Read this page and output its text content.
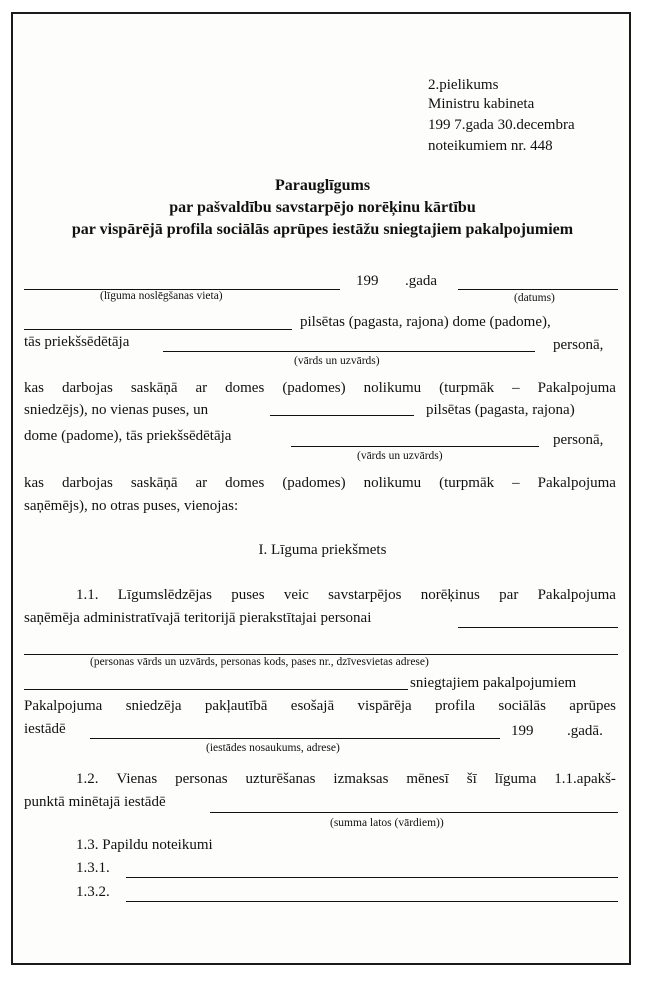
2.pielikums
Ministru kabineta
199 7.gada 30.decembra
noteikumiem nr. 448
Parauglīgums
par pašvaldību savstarpējo norēķinu kārtību
par vispārējā profila sociālās aprūpes iestāžu sniegtajiem pakalpojumiem
199 .gada
(līguma noslēgšanas vieta)	(datums)
pilsētas (pagasta, rajona) dome (padome),
tās priekšsēdētāja	personā,
(vārds un uzvārds)
kas darbojas saskāņā ar domes (padomes) nolikumu (turpmāk – Pakalpojuma
sniedzējs), no vienas puses, un	pilsētas (pagasta, rajona)
dome (padome), tās priekšsēdētāja	personā,
(vārds un uzvārds)
kas darbojas saskāņā ar domes (padomes) nolikumu (turpmāk – Pakalpojuma
saņēmējs), no otras puses, vienojas:
I. Līguma priekšmets
1.1. Līgumslēdzējas puses veic savstarpējos norēķinus par Pakalpojuma
saņēmēja administratīvajā teritorijā pierakstītajai personai
(personas vārds un uzvārds, personas kods, pases nr., dzīvesvietas adrese)
sniegtajiem pakalpojumiem
Pakalpojuma sniedzēja pakļautībā esošajā vispārēja profila sociālās aprūpes
iestādē	199 .gadā.
(iestādes nosaukums, adrese)
1.2. Vienas personas uzturēšanas izmaksas mēnesī šī līguma 1.1.apakš-
punktā minētajā iestādē
(summa latos (vārdiem))
1.3. Papildu noteikumi
1.3.1.
1.3.2.
